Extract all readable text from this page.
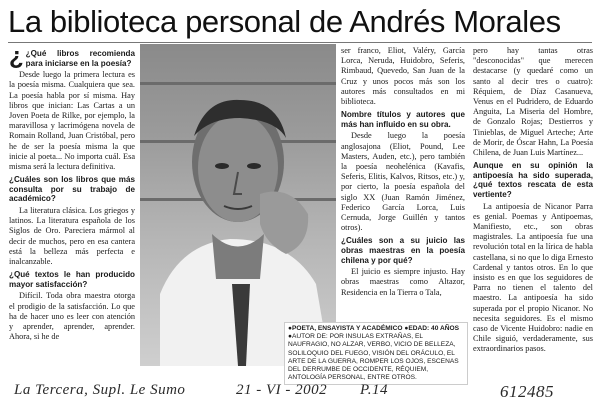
La biblioteca personal de Andrés Morales
¿ ¿Qué libros recomienda para iniciarse en la poesía?

Desde luego la primera lectura es la poesía misma. Cualquiera que sea. La poesía habla por sí misma. Hay libros que inician: Las Cartas a un Joven Poeta de Rilke, por ejemplo, la maravillosa y lacrimógena novela de Romain Rolland, Juan Cristóbal, pero he de ser la poesía misma la que inicie al poeta... No importa cuál. Esa misma será la lectura definitiva.

¿Cuáles son los libros que más consulta por su trabajo de académico?

La literatura clásica. Los griegos y latinos. La literatura española de los Siglos de Oro. Pareciera mármol al decir de muchos, pero en esa cantera está la belleza más perfecta e inalcanzable.

¿Qué textos le han producido mayor satisfacción?

Difícil. Toda obra maestra otorga el prodigio de la satisfacción. Lo que ha de hacer uno es leer con atención y aprender, aprender, aprender. Ahora, si he de

ser franco, Eliot, Valéry, García Lorca, Neruda, Huidobro, Seferis, Rimbaud, Quevedo, San Juan de la Cruz y unos pocos más son los autores más consultados en mi biblioteca.

Nombre títulos y autores que más han influido en su obra.

Desde luego la poesía anglosajona (Eliot, Pound, Lee Masters, Auden, etc.), pero también la poesía neohelénica (Kavafis, Seferis, Elitis, Kalvos, Ritsos, etc.) y, por cierto, la poesía española del siglo XX (Juan Ramón Jiménez, Federico García Lorca, Luis Cernuda, Jorge Guillén y tantos otros).

¿Cuáles son a su juicio las obras maestras en la poesía chilena y por qué?

El juicio es siempre injusto. Hay obras maestras como Altazor, Residencia en la Tierra o Tala,

pero hay tantas otras "desconocidas" que merecen destacarse (y quedaré como un santo al decir tres o cuatro): Réquiem, de Díaz Casanueva, Venus en el Pudridero, de Eduardo Anguita, La Miseria del Hombre, de Gonzalo Rojas; Destierros y Tinieblas, de Miguel Arteche; Arte de Morir, de Óscar Hahn, La Poesía Chilena, de Juan Luis Martínez...

Aunque en su opinión la antipoesía ha sido superada, ¿qué textos rescata de esta vertiente?

La antipoesía de Nicanor Parra es genial. Poemas y Antipoemas, Manifiesto, etc., son obras magistrales. La antipoesía fue una revolución total en la lírica de habla castellana, si no que lo diga Ernesto Cardenal y tantos otros. En lo que insisto es en que los seguidores de Parra no tienen el talento del maestro. La antipoesía ha sido superada por el propio Nicanor. No necesita seguidores. Es el mismo caso de Vicente Huidobro: nadie en Chile siguió, verdaderamente, sus extraordinarios pasos.

●POETA, ENSAYISTA Y ACADÉMICO ●EDAD: 40 AÑOS
●AUTOR DE: POR INSULAS EXTRAÑAS, EL NAUFRAGIO, NO ALZAR, VERBO, VICIO DE BELLEZA, SOLILOQUIO DEL FUEGO, VISIÓN DEL ORÁCULO, EL ARTE DE LA GUERRA, ROMPER LOS OJOS, ESCENAS DEL DERRUMBE DE OCCIDENTE, RÉQUIEM, ANTOLOGÍA PERSONAL, ENTRE OTROS.
La Tercera, Supl. Le Sumo	21 - VI - 2002 P.14	612485
